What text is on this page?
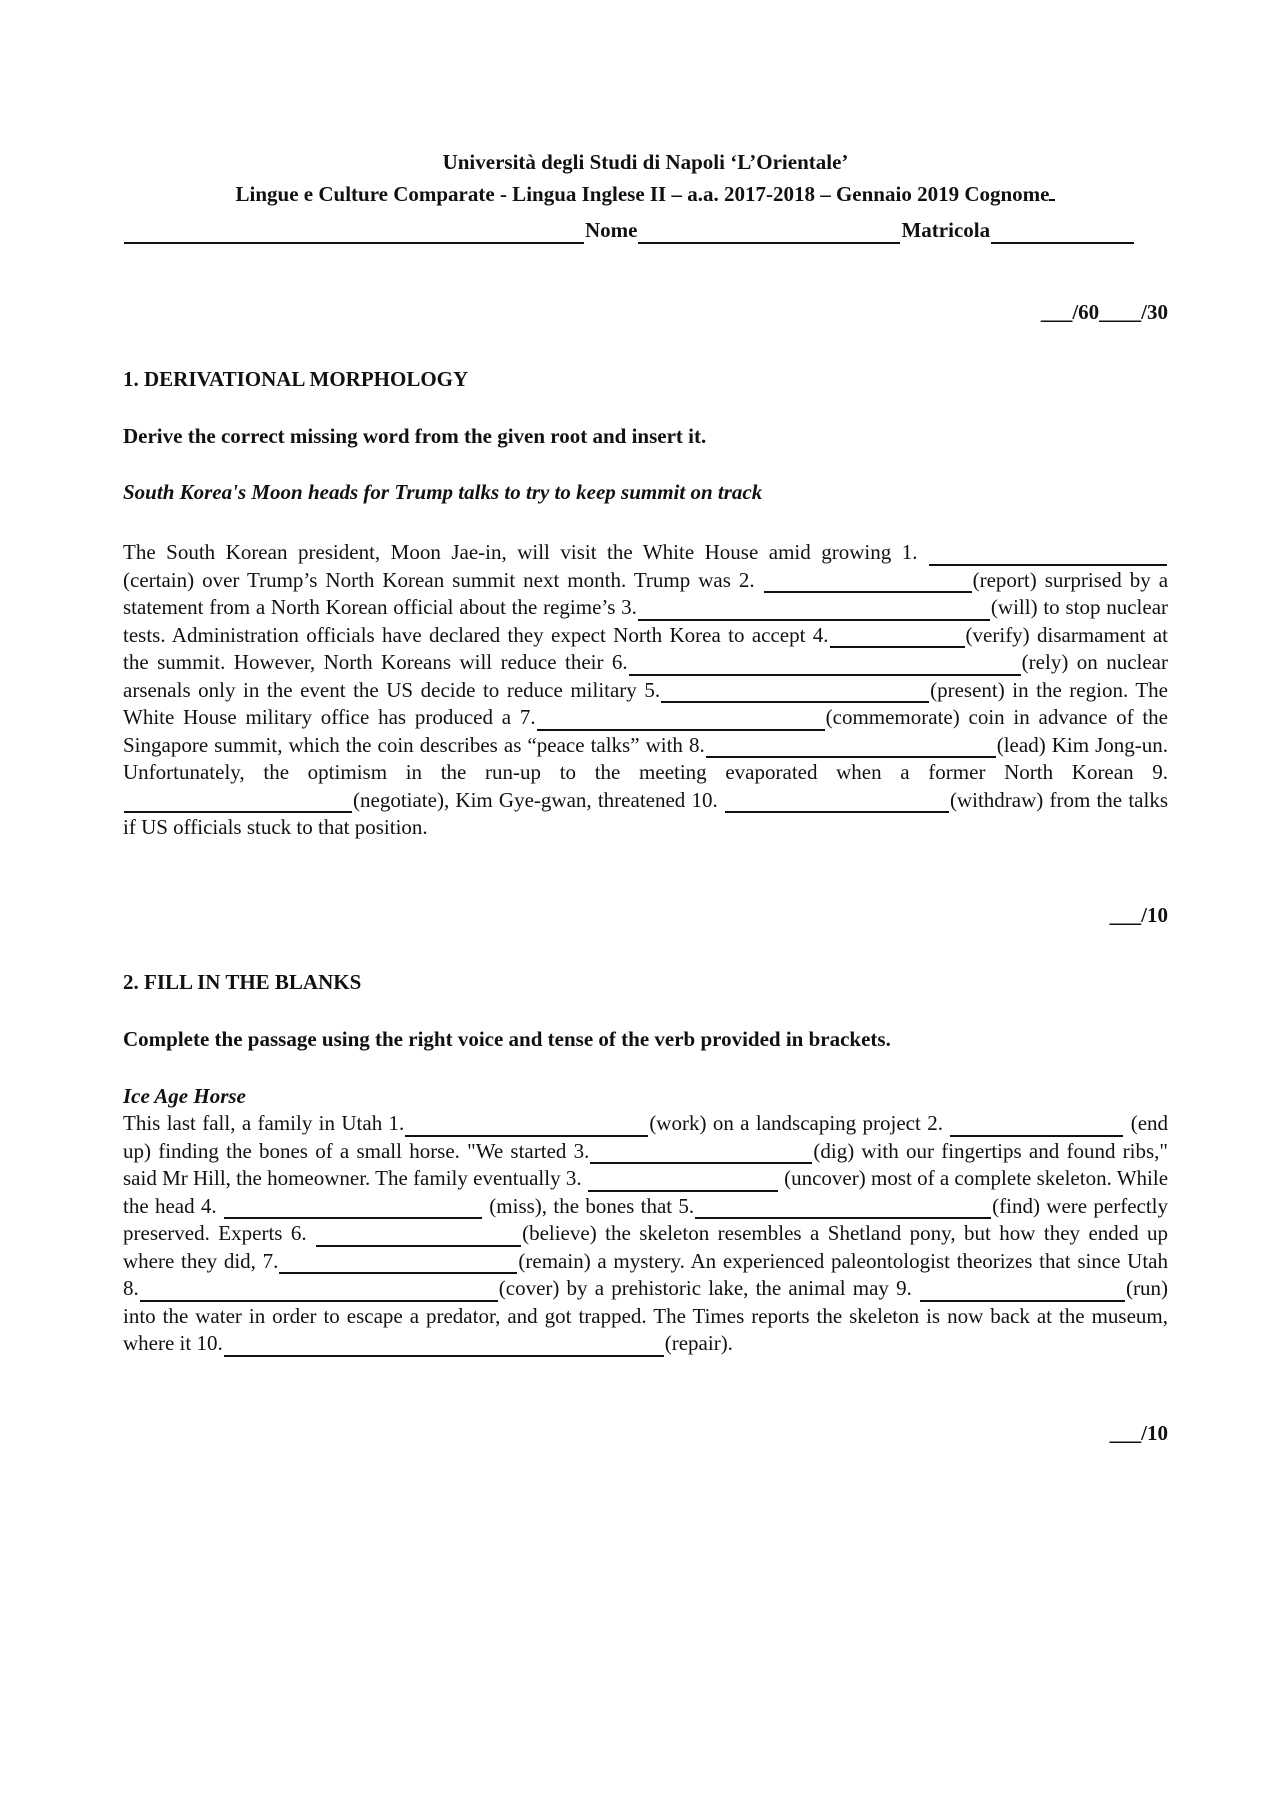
Università degli Studi di Napoli ‘L’Orientale’
Lingue e Culture Comparate - Lingua Inglese II – a.a. 2017-2018 – Gennaio 2019 Cognome
Nome	Matricola
___/60____/30
1. DERIVATIONAL MORPHOLOGY
Derive the correct missing word from the given root and insert it.
South Korea's Moon heads for Trump talks to try to keep summit on track
The South Korean president, Moon Jae-in, will visit the White House amid growing 1.  (certain) over Trump’s North Korean summit next month. Trump was 2.	(report) surprised by a statement from a North Korean official about the regime’s 3.	(will) to stop nuclear tests. Administration officials have declared they expect North Korea to accept 4.	(verify) disarmament at the summit. However, North Koreans will reduce their 6.	(rely) on nuclear arsenals only in the event the US decide to reduce military 5.	(present) in the region. The White House military office has produced a 7.	(commemorate) coin in advance of the Singapore summit, which the coin describes as “peace talks” with 8.	(lead) Kim Jong-un. Unfortunately, the optimism in the run-up to the meeting evaporated when a former North Korean 9.(negotiate), Kim Gye-gwan, threatened 10.	(withdraw) from the talks if US officials stuck to that position.
___/10
2. FILL IN THE BLANKS
Complete the passage using the right voice and tense of the verb provided in brackets.
Ice Age Horse
This last fall, a family in Utah 1.	(work) on a landscaping project 2.	(end up) finding the bones of a small horse. "We started 3.	(dig) with our fingertips and found ribs," said Mr Hill, the homeowner. The family eventually 3.	(uncover) most of a complete skeleton. While the head 4.	(miss), the bones that 5.	(find) were perfectly preserved. Experts 6.	(believe) the skeleton resembles a Shetland pony, but how they ended up where they did, 7.	(remain) a mystery. An experienced paleontologist theorizes that since Utah 8.	(cover) by a prehistoric lake, the animal may 9.	(run) into the water in order to escape a predator, and got trapped. The Times reports the skeleton is now back at the museum, where it 10.	(repair).
___/10
